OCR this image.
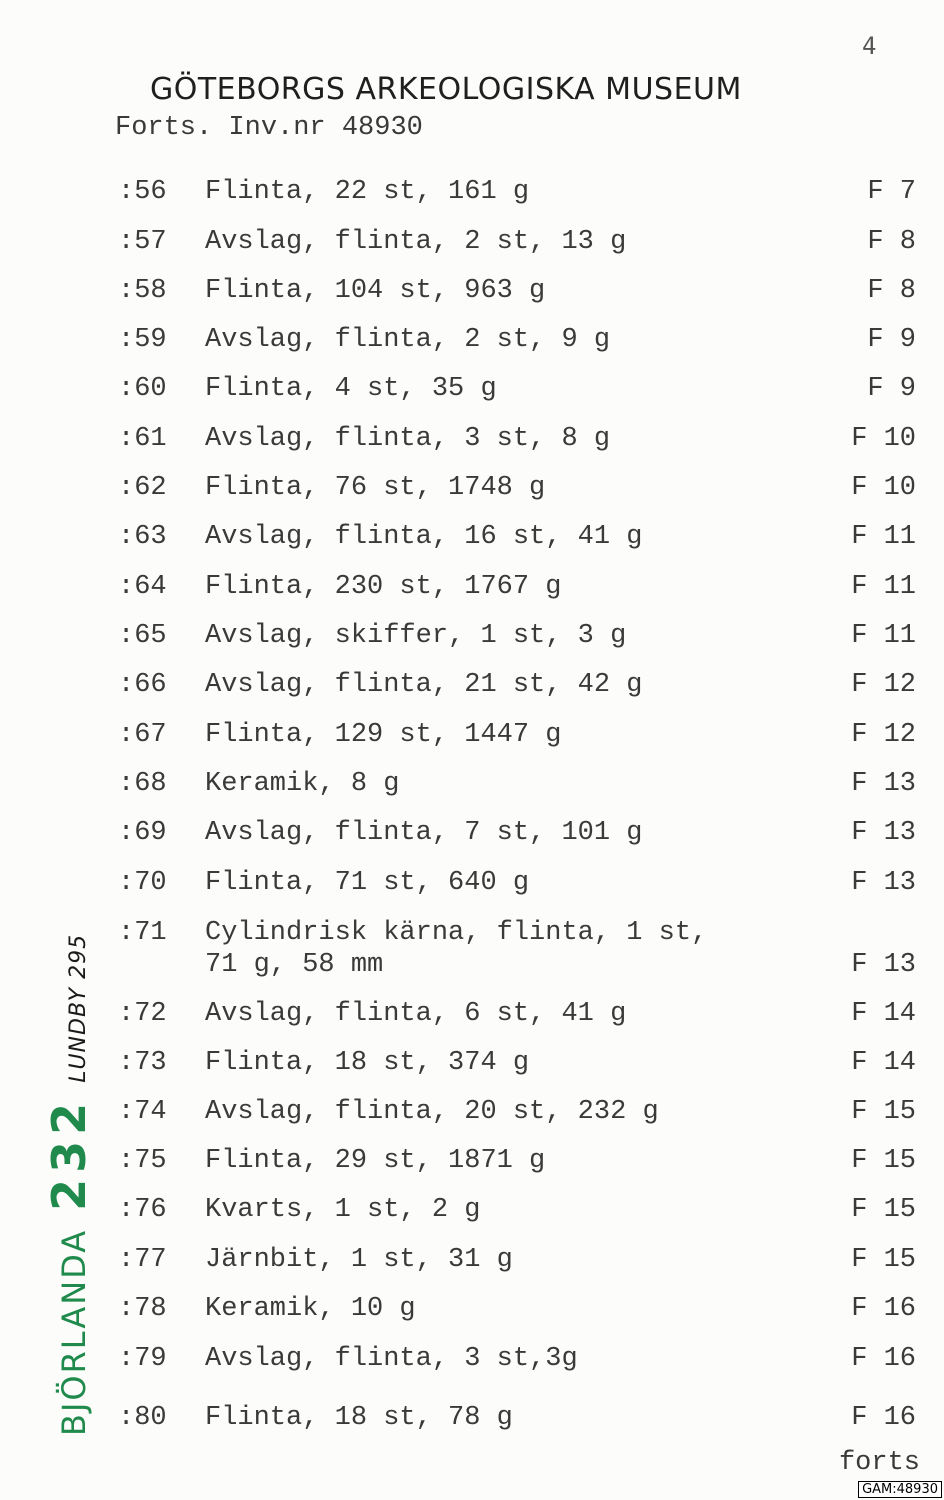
4
GÖTEBORGS ARKEOLOGISKA MUSEUM
Forts. Inv.nr 48930
:56 Flinta, 22 st, 161 g	F 7
:57 Avslag, flinta, 2 st, 13 g	F 8
:58 Flinta, 104 st, 963 g	F 8
:59 Avslag, flinta, 2 st, 9 g	F 9
:60 Flinta, 4 st, 35 g	F 9
:61 Avslag, flinta, 3 st, 8 g	F 10
:62 Flinta, 76 st, 1748 g	F 10
:63 Avslag, flinta, 16 st, 41 g	F 11
:64 Flinta, 230 st, 1767 g	F 11
:65 Avslag, skiffer, 1 st, 3 g	F 11
:66 Avslag, flinta, 21 st, 42 g	F 12
:67 Flinta, 129 st, 1447 g	F 12
:68 Keramik, 8 g	F 13
:69 Avslag, flinta, 7 st, 101 g	F 13
:70 Flinta, 71 st, 640 g	F 13
:71 Cylindrisk kärna, flinta, 1 st,
71 g, 58 mm	F 13
:72 Avslag, flinta, 6 st, 41 g	F 14
:73 Flinta, 18 st, 374 g	F 14
:74 Avslag, flinta, 20 st, 232 g	F 15
:75 Flinta, 29 st, 1871 g	F 15
:76 Kvarts, 1 st, 2 g	F 15
:77 Järnbit, 1 st, 31 g	F 15
:78 Keramik, 10 g	F 16
:79 Avslag, flinta, 3 st,3g	F 16
:80 Flinta, 18 st, 78 g	F 16
forts
BJÖRLANDA232LUNDBY 295
GAM:48930
